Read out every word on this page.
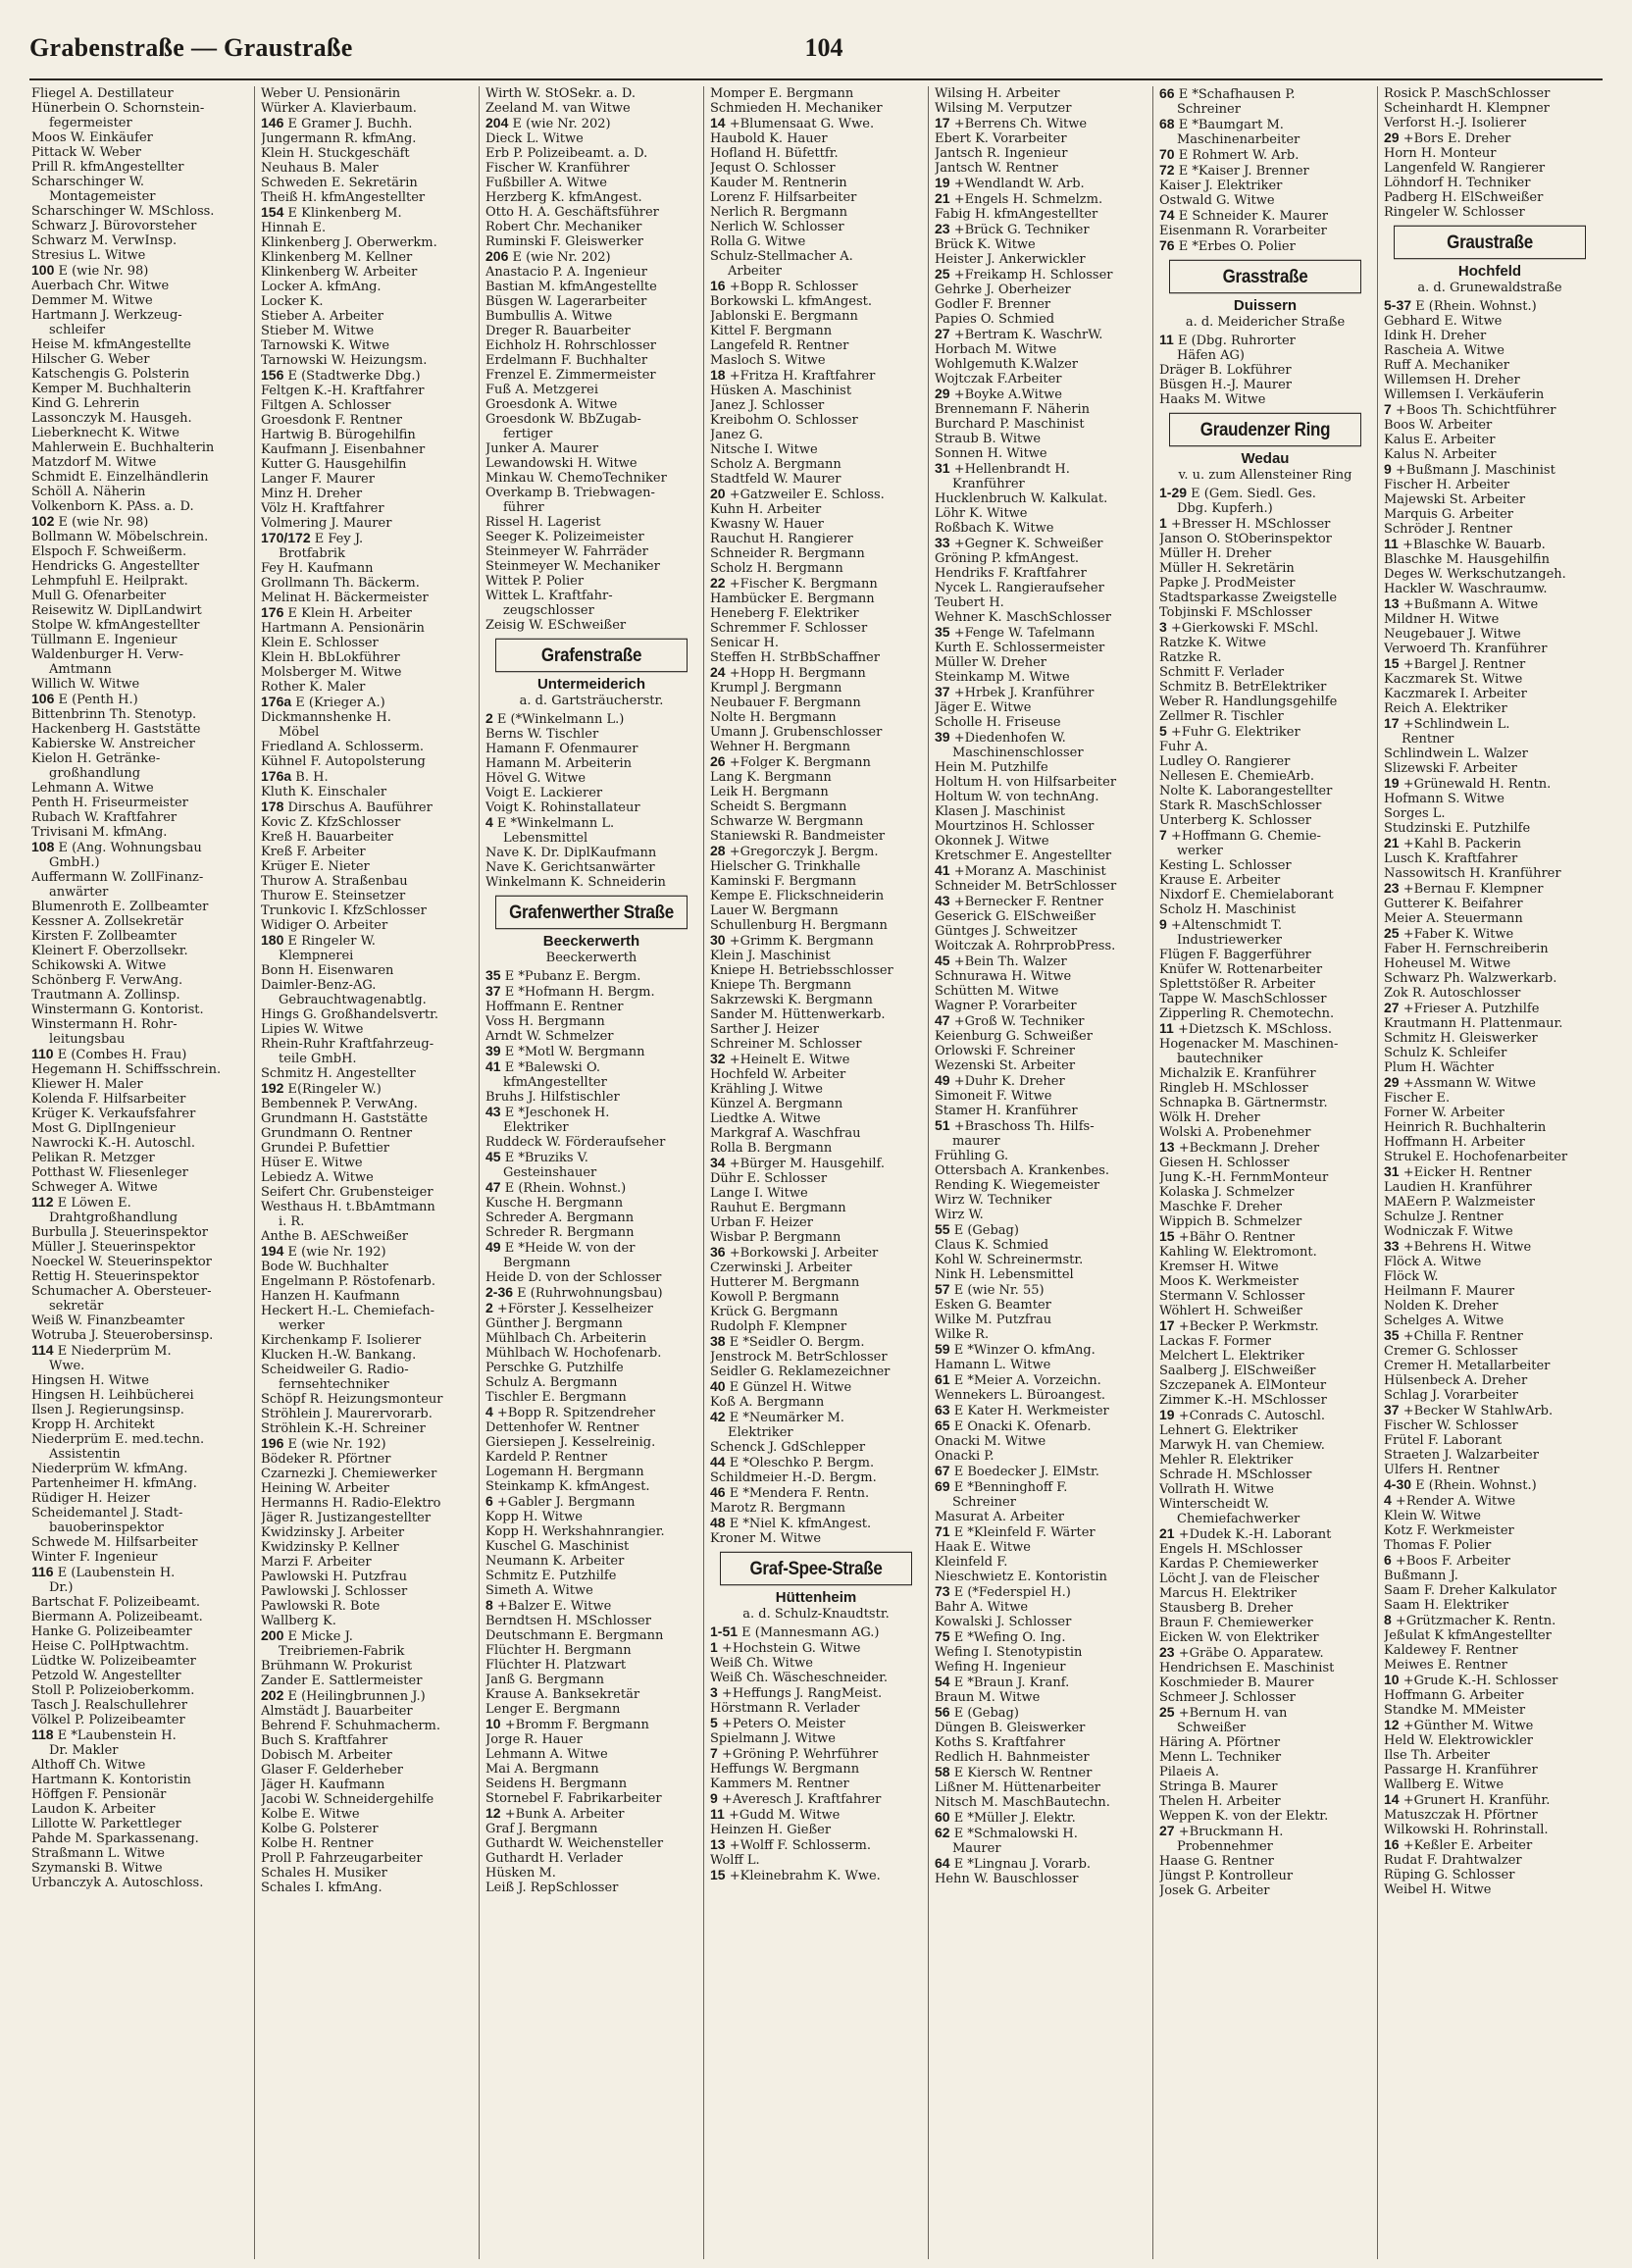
Grabenstraße — Graustraße	104
Fliegel A. Destillateur
Hünerbein O. Schornstein-
fegermeister
Moos W. Einkäufer
Pittack W. Weber
Prill R. kfmAngestellter
Scharschinger W.
Montagemeister
Scharschinger W. MSchloss.
Schwarz J. Bürovorsteher
Schwarz M. VerwInsp.
Stresius L. Witwe
100 E (wie Nr. 98)
Auerbach Chr. Witwe
Demmer M. Witwe
Hartmann J. Werkzeug-
schleifer
Heise M. kfmAngestellte
Hilscher G. Weber
Katschengis G. Polsterin
Kemper M. Buchhalterin
Kind G. Lehrerin
Lassonczyk M. Hausgeh.
Lieberknecht K. Witwe
Mahlerwein E. Buchhalterin
Matzdorf M. Witwe
Schmidt E. Einzelhändlerin
Schöll A. Näherin
Volkenborn K. PAss. a. D.
102 E (wie Nr. 98)
Bollmann W. Möbelschrein.
Elspoch F. Schweißerm.
Hendricks G. Angestellter
Lehmpfuhl E. Heilprakt.
Mull G. Ofenarbeiter
Reisewitz W. DiplLandwirt
Stolpe W. kfmAngestellter
Tüllmann E. Ingenieur
Waldenburger H. Verw-
Amtmann
Willich W. Witwe
106 E (Penth H.)
Bittenbrinn Th. Stenotyp.
Hackenberg H. Gaststätte
Kabierske W. Anstreicher
Kielon H. Getränke-
großhandlung
Lehmann A. Witwe
Penth H. Friseurmeister
Rubach W. Kraftfahrer
Trivisani M. kfmAng.
108 E (Ang. Wohnungsbau
GmbH.)
Auffermann W. ZollFinanz-
anwärter
Blumenroth E. Zollbeamter
Kessner A. Zollsekretär
Kirsten F. Zollbeamter
Kleinert F. Oberzollsekr.
Schikowski A. Witwe
Schönberg F. VerwAng.
Trautmann A. Zollinsp.
Winstermann G. Kontorist.
Winstermann H. Rohr-
leitungsbau
110 E (Combes H. Frau)
Hegemann H. Schiffsschrein.
Kliewer H. Maler
Kolenda F. Hilfsarbeiter
Krüger K. Verkaufsfahrer
Most G. DiplIngenieur
Nawrocki K.-H. Autoschl.
Pelikan R. Metzger
Potthast W. Fliesenleger
Schweger A. Witwe
112 E Löwen E.
Drahtgroßhandlung
Burbulla J. Steuerinspektor
Müller J. Steuerinspektor
Noeckel W. Steuerinspektor
Rettig H. Steuerinspektor
Schumacher A. Obersteuer-
sekretär
Weiß W. Finanzbeamter
Wotruba J. Steuerobersinsp.
114 E Niederprüm M.
Wwe.
Hingsen H. Witwe
Hingsen H. Leihbücherei
Ilsen J. Regierungsinsp.
Kropp H. Architekt
Niederprüm E. med.techn.
Assistentin
Niederprüm W. kfmAng.
Partenheimer H. kfmAng.
Rüdiger H. Heizer
Scheidemantel J. Stadt-
bauoberinspektor
Schwede M. Hilfsarbeiter
Winter F. Ingenieur
116 E (Laubenstein H.
Dr.)
Bartschat F. Polizeibeamt.
Biermann A. Polizeibeamt.
Hanke G. Polizeibeamter
Heise C. PolHptwachtm.
Lüdtke W. Polizeibeamter
Petzold W. Angestellter
Stoll P. Polizeioberkomm.
Tasch J. Realschullehrer
Völkel P. Polizeibeamter
118 E *Laubenstein H.
Dr. Makler
Althoff Ch. Witwe
Hartmann K. Kontoristin
Höffgen F. Pensionär
Laudon K. Arbeiter
Lillotte W. Parkettleger
Pahde M. Sparkassenang.
Straßmann L. Witwe
Szymanski B. Witwe
Urbanczyk A. Autoschloss.
Weber U. Pensionärin
Würker A. Klavierbaum.
146 E Gramer J. Buchh.
Jungermann R. kfmAng.
Klein H. Stuckgeschäft
Neuhaus B. Maler
Schweden E. Sekretärin
Theiß H. kfmAngestellter
154 E Klinkenberg M.
Hinnah E.
Klinkenberg J. Oberwerkm.
Klinkenberg M. Kellner
Klinkenberg W. Arbeiter
Locker A. kfmAng.
Locker K.
Stieber A. Arbeiter
Stieber M. Witwe
Tarnowski K. Witwe
Tarnowski W. Heizungsm.
156 E (Stadtwerke Dbg.)
Feltgen K.-H. Kraftfahrer
Filtgen A. Schlosser
Groesdonk F. Rentner
Hartwig B. Bürogehilfin
Kaufmann J. Eisenbahner
Kutter G. Hausgehilfin
Langer F. Maurer
Minz H. Dreher
Völz H. Kraftfahrer
Volmering J. Maurer
170/172 E Fey J.
Brotfabrik
Fey H. Kaufmann
Grollmann Th. Bäckerm.
Melinat H. Bäckermeister
176 E Klein H. Arbeiter
Hartmann A. Pensionärin
Klein E. Schlosser
Klein H. BbLokführer
Molsberger M. Witwe
Rother K. Maler
176a E (Krieger A.)
Dickmannshenke H.
Möbel
Friedland A. Schlosserm.
Kühnel F. Autopolsterung
176a B. H.
Kluth K. Einschaler
178 Dirschus A. Bauführer
Kovic Z. KfzSchlosser
Kreß H. Bauarbeiter
Kreß F. Arbeiter
Krüger E. Nieter
Thurow A. Straßenbau
Thurow E. Steinsetzer
Trunkovic I. KfzSchlosser
Widiger O. Arbeiter
180 E Ringeler W.
Klempnerei
Bonn H. Eisenwaren
Daimler-Benz-AG.
Gebrauchtwagenabtlg.
Hings G. Großhandelsvertr.
Lipies W. Witwe
Rhein-Ruhr Kraftfahrzeug-
teile GmbH.
Schmitz H. Angestellter
192 E(Ringeler W.)
Bembennek P. VerwAng.
Grundmann H. Gaststätte
Grundmann O. Rentner
Grundei P. Bufettier
Hüser E. Witwe
Lebiedz A. Witwe
Seifert Chr. Grubensteiger
Westhaus H. t.BbAmtmann
i. R.
Anthe B. AESchweißer
194 E (wie Nr. 192)
Bode W. Buchhalter
Engelmann P. Röstofenarb.
Hanzen H. Kaufmann
Heckert H.-L. Chemiefach-
werker
Kirchenkamp F. Isolierer
Klucken H.-W. Bankang.
Scheidweiler G. Radio-
fernsehtechniker
Schöpf R. Heizungsmonteur
Ströhlein J. Maurervorarb.
Ströhlein K.-H. Schreiner
196 E (wie Nr. 192)
Bödeker R. Pförtner
Czarnezki J. Chemiewerker
Heining W. Arbeiter
Hermanns H. Radio-Elektro
Jäger R. Justizangestellter
Kwidzinsky J. Arbeiter
Kwidzinsky P. Kellner
Marzi F. Arbeiter
Pawlowski H. Putzfrau
Pawlowski J. Schlosser
Pawlowski R. Bote
Wallberg K.
200 E Micke J.
Treibriemen-Fabrik
Brühmann W. Prokurist
Zander E. Sattlermeister
202 E (Heilingbrunnen J.)
Almstädt J. Bauarbeiter
Behrend F. Schuhmacherm.
Buch S. Kraftfahrer
Dobisch M. Arbeiter
Glaser F. Gelderheber
Jäger H. Kaufmann
Jacobi W. Schneidergehilfe
Kolbe E. Witwe
Kolbe G. Polsterer
Kolbe H. Rentner
Proll P. Fahrzeugarbeiter
Schales H. Musiker
Schales I. kfmAng.
Wirth W. StOSekr. a. D.
Zeeland M. van Witwe
204 E (wie Nr. 202)
Dieck L. Witwe
Erb P. Polizeibeamt. a. D.
Fischer W. Kranführer
Fußbiller A. Witwe
Herzberg K. kfmAngest.
Otto H. A. Geschäftsführer
Robert Chr. Mechaniker
Ruminski F. Gleiswerker
206 E (wie Nr. 202)
Anastacio P. A. Ingenieur
Bastian M. kfmAngestellte
Büsgen W. Lagerarbeiter
Bumbullis A. Witwe
Dreger R. Bauarbeiter
Eichholz H. Rohrschlosser
Erdelmann F. Buchhalter
Frenzel E. Zimmermeister
Fuß A. Metzgerei
Groesdonk A. Witwe
Groesdonk W. BbZugab-
fertiger
Junker A. Maurer
Lewandowski H. Witwe
Minkau W. ChemoTechniker
Overkamp B. Triebwagen-
führer
Rissel H. Lagerist
Seeger K. Polizeimeister
Steinmeyer W. Fahrräder
Steinmeyer W. Mechaniker
Wittek P. Polier
Wittek L. Kraftfahr-
zeugschlosser
Zeisig W. ESchweißer
Grafenstraße
Untermeiderich
a. d. Gartsträucherstr.
2 E (*Winkelmann L.)
Berns W. Tischler
Hamann F. Ofenmaurer
Hamann M. Arbeiterin
Hövel G. Witwe
Voigt E. Lackierer
Voigt K. Rohinstallateur
4 E *Winkelmann L.
Lebensmittel
Nave K. Dr. DiplKaufmann
Nave K. Gerichtsanwärter
Winkelmann K. Schneiderin
Grafenwerther Straße
Beeckerwerth
Beeckerwerth
35 E *Pubanz E. Bergm.
37 E *Hofmann H. Bergm.
Hoffmann E. Rentner
Voss H. Bergmann
Arndt W. Schmelzer
39 E *Motl W. Bergmann
41 E *Balewski O.
kfmAngestellter
Bruhs J. Hilfstischler
43 E *Jeschonek H.
Elektriker
Ruddeck W. Förderaufseher
45 E *Bruziks V.
Gesteinshauer
47 E (Rhein. Wohnst.)
Kusche H. Bergmann
Schreder A. Bergmann
Schreder R. Bergmann
49 E *Heide W. von der
Bergmann
Heide D. von der Schlosser
2-36 E (Ruhrwohnungsbau)
2 +Förster J. Kesselheizer
Günther J. Bergmann
Mühlbach Ch. Arbeiterin
Mühlbach W. Hochofenarb.
Perschke G. Putzhilfe
Schulz A. Bergmann
Tischler E. Bergmann
4 +Bopp R. Spitzendreher
Dettenhofer W. Rentner
Giersiepen J. Kesselreinig.
Kardeld P. Rentner
Logemann H. Bergmann
Steinkamp K. kfmAngest.
6 +Gabler J. Bergmann
Kopp H. Witwe
Kopp H. Werkshahnrangier.
Kuschel G. Maschinist
Neumann K. Arbeiter
Schmitz E. Putzhilfe
Simeth A. Witwe
8 +Balzer E. Witwe
Berndtsen H. MSchlosser
Deutschmann E. Bergmann
Flüchter H. Bergmann
Flüchter H. Platzwart
Janß G. Bergmann
Krause A. Banksekretär
Lenger E. Bergmann
10 +Bromm F. Bergmann
Jorge R. Hauer
Lehmann A. Witwe
Mai A. Bergmann
Seidens H. Bergmann
Stornebel F. Fabrikarbeiter
12 +Bunk A. Arbeiter
Graf J. Bergmann
Guthardt W. Weichensteller
Guthardt H. Verlader
Hüsken M.
Leiß J. RepSchlosser
Momper E. Bergmann
Schmieden H. Mechaniker
14 +Blumensaat G. Wwe.
Haubold K. Hauer
Hofland H. Büfettfr.
Jequst O. Schlosser
Kauder M. Rentnerin
Lorenz F. Hilfsarbeiter
Nerlich R. Bergmann
Nerlich W. Schlosser
Rolla G. Witwe
Schulz-Stellmacher A.
Arbeiter
16 +Bopp R. Schlosser
Borkowski L. kfmAngest.
Jablonski E. Bergmann
Kittel F. Bergmann
Langefeld R. Rentner
Masloch S. Witwe
18 +Fritza H. Kraftfahrer
Hüsken A. Maschinist
Janez J. Schlosser
Kreibohm O. Schlosser
Janez G.
Nitsche I. Witwe
Scholz A. Bergmann
Stadtfeld W. Maurer
20 +Gatzweiler E. Schloss.
Kuhn H. Arbeiter
Kwasny W. Hauer
Rauchut H. Rangierer
Schneider R. Bergmann
Scholz H. Bergmann
22 +Fischer K. Bergmann
Hambücker E. Bergmann
Heneberg F. Elektriker
Schremmer F. Schlosser
Senicar H.
Steffen H. StrBbSchaffner
24 +Hopp H. Bergmann
Krumpl J. Bergmann
Neubauer F. Bergmann
Nolte H. Bergmann
Umann J. Grubenschlosser
Wehner H. Bergmann
26 +Folger K. Bergmann
Lang K. Bergmann
Leik H. Bergmann
Scheidt S. Bergmann
Schwarze W. Bergmann
Staniewski R. Bandmeister
28 +Gregorczyk J. Bergm.
Hielscher G. Trinkhalle
Kaminski F. Bergmann
Kempe E. Flickschneiderin
Lauer W. Bergmann
Schullenburg H. Bergmann
30 +Grimm K. Bergmann
Klein J. Maschinist
Kniepe H. Betriebsschlosser
Kniepe Th. Bergmann
Sakrzewski K. Bergmann
Sander M. Hüttenwerkarb.
Sarther J. Heizer
Schreiner M. Schlosser
32 +Heinelt E. Witwe
Hochfeld W. Arbeiter
Krähling J. Witwe
Künzel A. Bergmann
Liedtke A. Witwe
Markgraf A. Waschfrau
Rolla B. Bergmann
34 +Bürger M. Hausgehilf.
Dühr E. Schlosser
Lange I. Witwe
Rauhut E. Bergmann
Urban F. Heizer
Wisbar P. Bergmann
36 +Borkowski J. Arbeiter
Czerwinski J. Arbeiter
Hutterer M. Bergmann
Kowoll P. Bergmann
Krück G. Bergmann
Rudolph F. Klempner
38 E *Seidler O. Bergm.
Jenstrock M. BetrSchlosser
Seidler G. Reklamezeichner
40 E Günzel H. Witwe
Koß A. Bergmann
42 E *Neumärker M.
Elektriker
Schenck J. GdSchlepper
44 E *Oleschko P. Bergm.
Schildmeier H.-D. Bergm.
46 E *Mendera F. Rentn.
Marotz R. Bergmann
48 E *Niel K. kfmAngest.
Kroner M. Witwe
Graf-Spee-Straße
Hüttenheim
a. d. Schulz-Knaudtstr.
1-51 E (Mannesmann AG.)
1 +Hochstein G. Witwe
Weiß Ch. Witwe
Weiß Ch. Wäscheschneider.
3 +Heffungs J. RangMeist.
Hörstmann R. Verlader
5 +Peters O. Meister
Spielmann J. Witwe
7 +Gröning P. Wehrführer
Heffungs W. Bergmann
Kammers M. Rentner
9 +Averesch J. Kraftfahrer
11 +Gudd M. Witwe
Heinzen H. Gießer
13 +Wolff F. Schlosserm.
Wolff L.
15 +Kleinebrahm K. Wwe.
Wilsing H. Arbeiter
Wilsing M. Verputzer
17 +Berrens Ch. Witwe
Ebert K. Vorarbeiter
Jantsch R. Ingenieur
Jantsch W. Rentner
19 +Wendlandt W. Arb.
21 +Engels H. Schmelzm.
Fabig H. kfmAngestellter
23 +Brück G. Techniker
Brück K. Witwe
Heister J. Ankerwickler
25 +Freikamp H. Schlosser
Gehrke J. Oberheizer
Godler F. Brenner
Papies O. Schmied
27 +Bertram K. WaschrW.
Horbach M. Witwe
Wohlgemuth K.Walzer
Wojtczak F.Arbeiter
29 +Boyke A.Witwe
Brennemann F. Näherin
Burchard P. Maschinist
Straub B. Witwe
Sonnen H. Witwe
31 +Hellenbrandt H.
Kranführer
Hucklenbruch W. Kalkulat.
Löhr K. Witwe
Roßbach K. Witwe
33 +Gegner K. Schweißer
Gröning P. kfmAngest.
Hendriks F. Kraftfahrer
Nycek L. Rangieraufseher
Teubert H.
Wehner K. MaschSchlosser
35 +Fenge W. Tafelmann
Kurth E. Schlossermeister
Müller W. Dreher
Steinkamp M. Witwe
37 +Hrbek J. Kranführer
Jäger E. Witwe
Scholle H. Friseuse
39 +Diedenhofen W.
Maschinenschlosser
Hein M. Putzhilfe
Holtum H. von Hilfsarbeiter
Holtum W. von technAng.
Klasen J. Maschinist
Mourtzinos H. Schlosser
Okonnek J. Witwe
Kretschmer E. Angestellter
41 +Moranz A. Maschinist
Schneider M. BetrSchlosser
43 +Bernecker F. Rentner
Geserick G. ElSchweißer
Güntges J. Schweitzer
Woitczak A. RohrprobPress.
45 +Bein Th. Walzer
Schnurawa H. Witwe
Schütten M. Witwe
Wagner P. Vorarbeiter
47 +Groß W. Techniker
Keienburg G. Schweißer
Orlowski F. Schreiner
Wezenski St. Arbeiter
49 +Duhr K. Dreher
Simoneit F. Witwe
Stamer H. Kranführer
51 +Braschoss Th. Hilfs-
maurer
Frühling G.
Ottersbach A. Krankenbes.
Rending K. Wiegemeister
Wirz W. Techniker
Wirz W.
55 E (Gebag)
Claus K. Schmied
Kohl W. Schreinermstr.
Nink H. Lebensmittel
57 E (wie Nr. 55)
Esken G. Beamter
Wilke M. Putzfrau
Wilke R.
59 E *Winzer O. kfmAng.
Hamann L. Witwe
61 E *Meier A. Vorzeichn.
Wennekers L. Büroangest.
63 E Kater H. Werkmeister
65 E Onacki K. Ofenarb.
Onacki M. Witwe
Onacki P.
67 E Boedecker J. ElMstr.
69 E *Benninghoff F.
Schreiner
Masurat A. Arbeiter
71 E *Kleinfeld F. Wärter
Haak E. Witwe
Kleinfeld F.
Nieschwietz E. Kontoristin
73 E (*Federspiel H.)
Bahr A. Witwe
Kowalski J. Schlosser
75 E *Wefing O. Ing.
Wefing I. Stenotypistin
Wefing H. Ingenieur
54 E *Braun J. Kranf.
Braun M. Witwe
56 E (Gebag)
Düngen B. Gleiswerker
Koths S. Kraftfahrer
Redlich H. Bahnmeister
58 E Kiersch W. Rentner
Lißner M. Hüttenarbeiter
Nitsch M. MaschBautechn.
60 E *Müller J. Elektr.
62 E *Schmalowski H.
Maurer
64 E *Lingnau J. Vorarb.
Hehn W. Bauschlosser
66 E *Schafhausen P.
Schreiner
68 E *Baumgart M.
Maschinenarbeiter
70 E Rohmert W. Arb.
72 E *Kaiser J. Brenner
Kaiser J. Elektriker
Ostwald G. Witwe
74 E Schneider K. Maurer
Eisenmann R. Vorarbeiter
76 E *Erbes O. Polier
Grasstraße
Duissern
a. d. Meidericher Straße
11 E (Dbg. Ruhrorter
Häfen AG)
Dräger B. Lokführer
Büsgen H.-J. Maurer
Haaks M. Witwe
Graudenzer Ring
Wedau
v. u. zum Allensteiner Ring
1-29 E (Gem. Siedl. Ges.
Dbg. Kupferh.)
1 +Bresser H. MSchlosser
Janson O. StOberinspektor
Müller H. Dreher
Müller H. Sekretärin
Papke J. ProdMeister
Stadtsparkasse Zweigstelle
Tobjinski F. MSchlosser
3 +Gierkowski F. MSchl.
Ratzke K. Witwe
Ratzke R.
Schmitt F. Verlader
Schmitz B. BetrElektriker
Weber R. Handlungsgehilfe
Zellmer R. Tischler
5 +Fuhr G. Elektriker
Fuhr A.
Ludley O. Rangierer
Nellesen E. ChemieArb.
Nolte K. Laborangestellter
Stark R. MaschSchlosser
Unterberg K. Schlosser
7 +Hoffmann G. Chemie-
werker
Kesting L. Schlosser
Krause E. Arbeiter
Nixdorf E. Chemielaborant
Scholz H. Maschinist
9 +Altenschmidt T.
Industriewerker
Flügen F. Baggerführer
Knüfer W. Rottenarbeiter
Splettstößer R. Arbeiter
Tappe W. MaschSchlosser
Zipperling R. Chemotechn.
11 +Dietzsch K. MSchloss.
Hogenacker M. Maschinen-
bautechniker
Michalzik E. Kranführer
Ringleb H. MSchlosser
Schnapka B. Gärtnermstr.
Wölk H. Dreher
Wolski A. Probenehmer
13 +Beckmann J. Dreher
Giesen H. Schlosser
Jung K.-H. FernmMonteur
Kolaska J. Schmelzer
Maschke F. Dreher
Wippich B. Schmelzer
15 +Bähr O. Rentner
Kahling W. Elektromont.
Kremser H. Witwe
Moos K. Werkmeister
Stermann V. Schlosser
Wöhlert H. Schweißer
17 +Becker P. Werkmstr.
Lackas F. Former
Melchert L. Elektriker
Saalberg J. ElSchweißer
Szczepanek A. ElMonteur
Zimmer K.-H. MSchlosser
19 +Conrads C. Autoschl.
Lehnert G. Elektriker
Marwyk H. van Chemiew.
Mehler R. Elektriker
Schrade H. MSchlosser
Vollrath H. Witwe
Winterscheidt W.
Chemiefachwerker
21 +Dudek K.-H. Laborant
Engels H. MSchlosser
Kardas P. Chemiewerker
Löcht J. van de Fleischer
Marcus H. Elektriker
Stausberg B. Dreher
Braun F. Chemiewerker
Eicken W. von Elektriker
23 +Gräbe O. Apparatew.
Hendrichsen E. Maschinist
Koschmieder B. Maurer
Schmeer J. Schlosser
25 +Bernum H. van
Schweißer
Häring A. Pförtner
Menn L. Techniker
Pilaeis A.
Stringa B. Maurer
Thelen H. Arbeiter
Weppen K. von der Elektr.
27 +Bruckmann H.
Probennehmer
Haase G. Rentner
Jüngst P. Kontrolleur
Josek G. Arbeiter
Rosick P. MaschSchlosser
Scheinhardt H. Klempner
Verforst H.-J. Isolierer
29 +Bors E. Dreher
Horn H. Monteur
Langenfeld W. Rangierer
Löhndorf H. Techniker
Padberg H. ElSchweißer
Ringeler W. Schlosser
Graustraße
Hochfeld
a. d. Grunewaldstraße
5-37 E (Rhein. Wohnst.)
Gebhard E. Witwe
Idink H. Dreher
Rascheia A. Witwe
Ruff A. Mechaniker
Willemsen H. Dreher
Willemsen I. Verkäuferin
7 +Boos Th. Schichtführer
Boos W. Arbeiter
Kalus E. Arbeiter
Kalus N. Arbeiter
9 +Bußmann J. Maschinist
Fischer H. Arbeiter
Majewski St. Arbeiter
Marquis G. Arbeiter
Schröder J. Rentner
11 +Blaschke W. Bauarb.
Blaschke M. Hausgehilfin
Deges W. Werkschutzangeh.
Hackler W. Waschraumw.
13 +Bußmann A. Witwe
Mildner H. Witwe
Neugebauer J. Witwe
Verwoerd Th. Kranführer
15 +Bargel J. Rentner
Kaczmarek St. Witwe
Kaczmarek I. Arbeiter
Reich A. Elektriker
17 +Schlindwein L.
Rentner
Schlindwein L. Walzer
Slizewski F. Arbeiter
19 +Grünewald H. Rentn.
Hofmann S. Witwe
Sorges L.
Studzinski E. Putzhilfe
21 +Kahl B. Packerin
Lusch K. Kraftfahrer
Nassowitsch H. Kranführer
23 +Bernau F. Klempner
Gutterer K. Beifahrer
Meier A. Steuermann
25 +Faber K. Witwe
Faber H. Fernschreiberin
Hoheusel M. Witwe
Schwarz Ph. Walzwerkarb.
Zok R. Autoschlosser
27 +Frieser A. Putzhilfe
Krautmann H. Plattenmaur.
Schmitz H. Gleiswerker
Schulz K. Schleifer
Plum H. Wächter
29 +Assmann W. Witwe
Fischer E.
Forner W. Arbeiter
Heinrich R. Buchhalterin
Hoffmann H. Arbeiter
Strukel E. Hochofenarbeiter
31 +Eicker H. Rentner
Laudien H. Kranführer
MAEern P. Walzmeister
Schulze J. Rentner
Wodniczak F. Witwe
33 +Behrens H. Witwe
Flöck A. Witwe
Flöck W.
Heilmann F. Maurer
Nolden K. Dreher
Schelges A. Witwe
35 +Chilla F. Rentner
Cremer G. Schlosser
Cremer H. Metallarbeiter
Hülsenbeck A. Dreher
Schlag J. Vorarbeiter
37 +Becker W StahlwArb.
Fischer W. Schlosser
Frütel F. Laborant
Straeten J. Walzarbeiter
Ulfers H. Rentner
4-30 E (Rhein. Wohnst.)
4 +Render A. Witwe
Klein W. Witwe
Kotz F. Werkmeister
Thomas F. Polier
6 +Boos F. Arbeiter
Bußmann J.
Saam F. Dreher Kalkulator
Saam H. Elektriker
8 +Grützmacher K. Rentn.
Jeßulat K kfmAngestellter
Kaldewey F. Rentner
Meiwes E. Rentner
10 +Grude K.-H. Schlosser
Hoffmann G. Arbeiter
Standke M. MMeister
12 +Günther M. Witwe
Held W. Elektrowickler
Ilse Th. Arbeiter
Passarge H. Kranführer
Wallberg E. Witwe
14 +Grunert H. Kranführ.
Matuszczak H. Pförtner
Wilkowski H. Rohrinstall.
16 +Keßler E. Arbeiter
Rudat F. Drahtwalzer
Rüping G. Schlosser
Weibel H. Witwe
